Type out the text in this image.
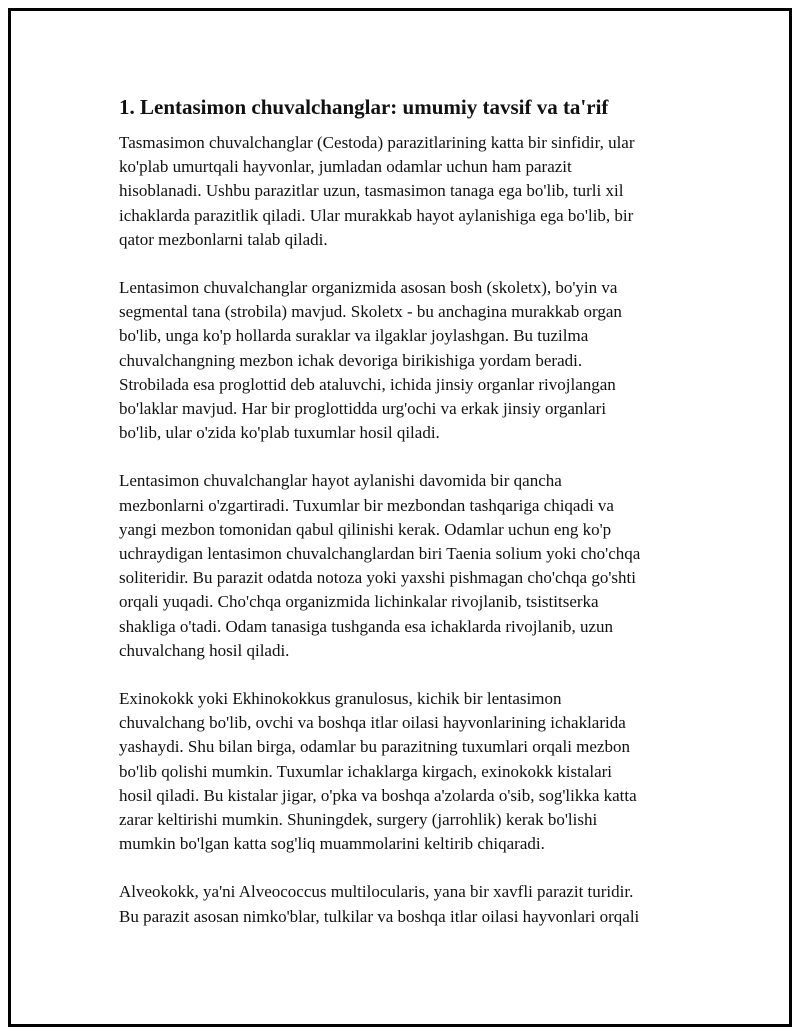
1. Lentasimon chuvalchanglar: umumiy tavsif va ta'rif

Tasmasimon chuvalchanglar (Cestoda) parazitlarining katta bir sinfidir, ular
ko'plab umurtqali hayvonlar, jumladan odamlar uchun ham parazit
hisoblanadi. Ushbu parazitlar uzun, tasmasimon tanaga ega bo'lib, turli xil
ichaklarda parazitlik qiladi. Ular murakkab hayot aylanishiga ega bo'lib, bir
qator mezbonlarni talab qiladi.

Lentasimon chuvalchanglar organizmida asosan bosh (skoletx), bo'yin va
segmental tana (strobila) mavjud. Skoletx - bu anchagina murakkab organ
bo'lib, unga ko'p hollarda suraklar va ilgaklar joylashgan. Bu tuzilma
chuvalchangning mezbon ichak devoriga birikishiga yordam beradi.
Strobilada esa proglottid deb ataluvchi, ichida jinsiy organlar rivojlangan
bo'laklar mavjud. Har bir proglottidda urg'ochi va erkak jinsiy organlari
bo'lib, ular o'zida ko'plab tuxumlar hosil qiladi.

Lentasimon chuvalchanglar hayot aylanishi davomida bir qancha
mezbonlarni o'zgartiradi. Tuxumlar bir mezbondan tashqariga chiqadi va
yangi mezbon tomonidan qabul qilinishi kerak. Odamlar uchun eng ko'p
uchraydigan lentasimon chuvalchanglardan biri Taenia solium yoki cho'chqa
soliteridir. Bu parazit odatda notoza yoki yaxshi pishmagan cho'chqa go'shti
orqali yuqadi. Cho'chqa organizmida lichinkalar rivojlanib, tsistitserka
shakliga o'tadi. Odam tanasiga tushganda esa ichaklarda rivojlanib, uzun
chuvalchang hosil qiladi.

Exinokokk yoki Ekhinokokkus granulosus, kichik bir lentasimon
chuvalchang bo'lib, ovchi va boshqa itlar oilasi hayvonlarining ichaklarida
yashaydi. Shu bilan birga, odamlar bu parazitning tuxumlari orqali mezbon
bo'lib qolishi mumkin. Tuxumlar ichaklarga kirgach, exinokokk kistalari
hosil qiladi. Bu kistalar jigar, o'pka va boshqa a'zolarda o'sib, sog'likka katta
zarar keltirishi mumkin. Shuningdek, surgery (jarrohlik) kerak bo'lishi
mumkin bo'lgan katta sog'liq muammolarini keltirib chiqaradi.

Alveokokk, ya'ni Alveococcus multilocularis, yana bir xavfli parazit turidir.
Bu parazit asosan nimko'blar, tulkilar va boshqa itlar oilasi hayvonlari orqali
